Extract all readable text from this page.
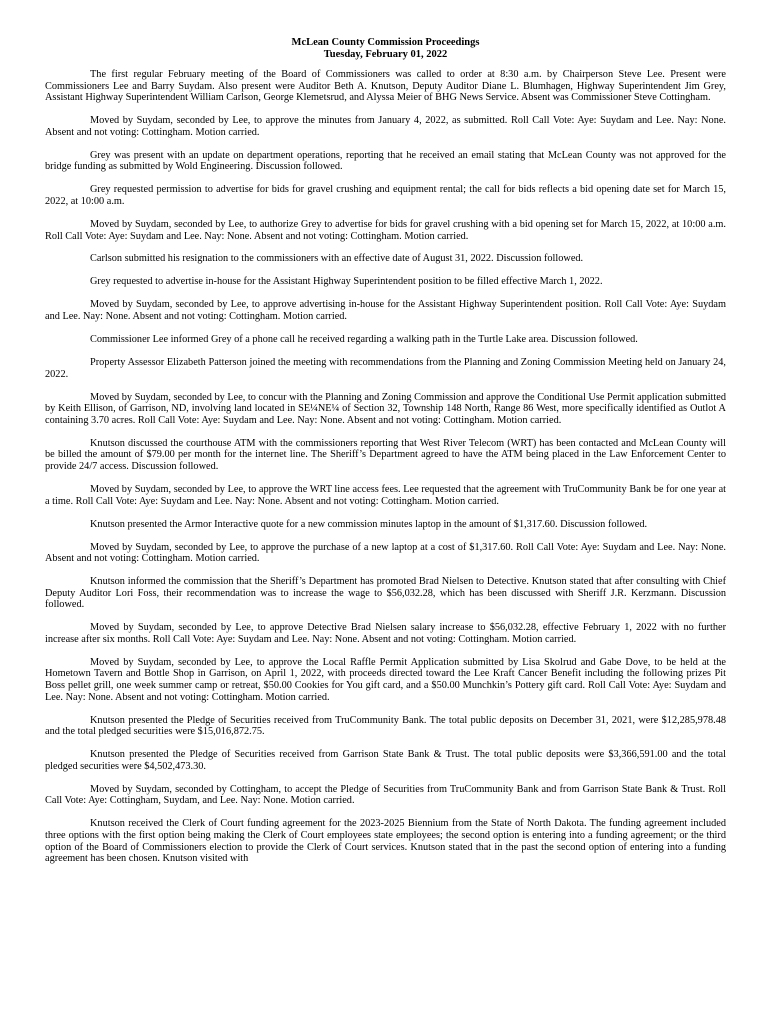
McLean County Commission Proceedings
Tuesday, February 01, 2022

The first regular February meeting of the Board of Commissioners was called to order at 8:30 a.m. by Chairperson Steve Lee. Present were Commissioners Lee and Barry Suydam. Also present were Auditor Beth A. Knutson, Deputy Auditor Diane L. Blumhagen, Highway Superintendent Jim Grey, Assistant Highway Superintendent William Carlson, George Klemetsrud, and Alyssa Meier of BHG News Service. Absent was Commissioner Steve Cottingham.

Moved by Suydam, seconded by Lee, to approve the minutes from January 4, 2022, as submitted. Roll Call Vote: Aye: Suydam and Lee. Nay: None. Absent and not voting: Cottingham. Motion carried.

Grey was present with an update on department operations, reporting that he received an email stating that McLean County was not approved for the bridge funding as submitted by Wold Engineering. Discussion followed.

Grey requested permission to advertise for bids for gravel crushing and equipment rental; the call for bids reflects a bid opening date set for March 15, 2022, at 10:00 a.m.

Moved by Suydam, seconded by Lee, to authorize Grey to advertise for bids for gravel crushing with a bid opening set for March 15, 2022, at 10:00 a.m. Roll Call Vote: Aye: Suydam and Lee. Nay: None. Absent and not voting: Cottingham. Motion carried.

Carlson submitted his resignation to the commissioners with an effective date of August 31, 2022. Discussion followed.

Grey requested to advertise in-house for the Assistant Highway Superintendent position to be filled effective March 1, 2022.

Moved by Suydam, seconded by Lee, to approve advertising in-house for the Assistant Highway Superintendent position. Roll Call Vote: Aye: Suydam and Lee. Nay: None. Absent and not voting: Cottingham. Motion carried.

Commissioner Lee informed Grey of a phone call he received regarding a walking path in the Turtle Lake area. Discussion followed.

Property Assessor Elizabeth Patterson joined the meeting with recommendations from the Planning and Zoning Commission Meeting held on January 24, 2022.

Moved by Suydam, seconded by Lee, to concur with the Planning and Zoning Commission and approve the Conditional Use Permit application submitted by Keith Ellison, of Garrison, ND, involving land located in SE¼NE¼ of Section 32, Township 148 North, Range 86 West, more specifically identified as Outlot A containing 3.70 acres. Roll Call Vote: Aye: Suydam and Lee. Nay: None. Absent and not voting: Cottingham. Motion carried.

Knutson discussed the courthouse ATM with the commissioners reporting that West River Telecom (WRT) has been contacted and McLean County will be billed the amount of $79.00 per month for the internet line. The Sheriff’s Department agreed to have the ATM being placed in the Law Enforcement Center to provide 24/7 access. Discussion followed.

Moved by Suydam, seconded by Lee, to approve the WRT line access fees. Lee requested that the agreement with TruCommunity Bank be for one year at a time. Roll Call Vote: Aye: Suydam and Lee. Nay: None. Absent and not voting: Cottingham. Motion carried.

Knutson presented the Armor Interactive quote for a new commission minutes laptop in the amount of $1,317.60. Discussion followed.

Moved by Suydam, seconded by Lee, to approve the purchase of a new laptop at a cost of $1,317.60. Roll Call Vote: Aye: Suydam and Lee. Nay: None. Absent and not voting: Cottingham. Motion carried.

Knutson informed the commission that the Sheriff’s Department has promoted Brad Nielsen to Detective. Knutson stated that after consulting with Chief Deputy Auditor Lori Foss, their recommendation was to increase the wage to $56,032.28, which has been discussed with Sheriff J.R. Kerzmann. Discussion followed.

Moved by Suydam, seconded by Lee, to approve Detective Brad Nielsen salary increase to $56,032.28, effective February 1, 2022 with no further increase after six months. Roll Call Vote: Aye: Suydam and Lee. Nay: None. Absent and not voting: Cottingham. Motion carried.

Moved by Suydam, seconded by Lee, to approve the Local Raffle Permit Application submitted by Lisa Skolrud and Gabe Dove, to be held at the Hometown Tavern and Bottle Shop in Garrison, on April 1, 2022, with proceeds directed toward the Lee Kraft Cancer Benefit including the following prizes Pit Boss pellet grill, one week summer camp or retreat, $50.00 Cookies for You gift card, and a $50.00 Munchkin’s Pottery gift card. Roll Call Vote: Aye: Suydam and Lee. Nay: None. Absent and not voting: Cottingham. Motion carried.

Knutson presented the Pledge of Securities received from TruCommunity Bank. The total public deposits on December 31, 2021, were $12,285,978.48 and the total pledged securities were $15,016,872.75.

Knutson presented the Pledge of Securities received from Garrison State Bank & Trust. The total public deposits were $3,366,591.00 and the total pledged securities were $4,502,473.30.

Moved by Suydam, seconded by Cottingham, to accept the Pledge of Securities from TruCommunity Bank and from Garrison State Bank & Trust. Roll Call Vote: Aye: Cottingham, Suydam, and Lee. Nay: None. Motion carried.

Knutson received the Clerk of Court funding agreement for the 2023-2025 Biennium from the State of North Dakota. The funding agreement included three options with the first option being making the Clerk of Court employees state employees; the second option is entering into a funding agreement; or the third option of the Board of Commissioners election to provide the Clerk of Court services. Knutson stated that in the past the second option of entering into a funding agreement has been chosen. Knutson visited with
